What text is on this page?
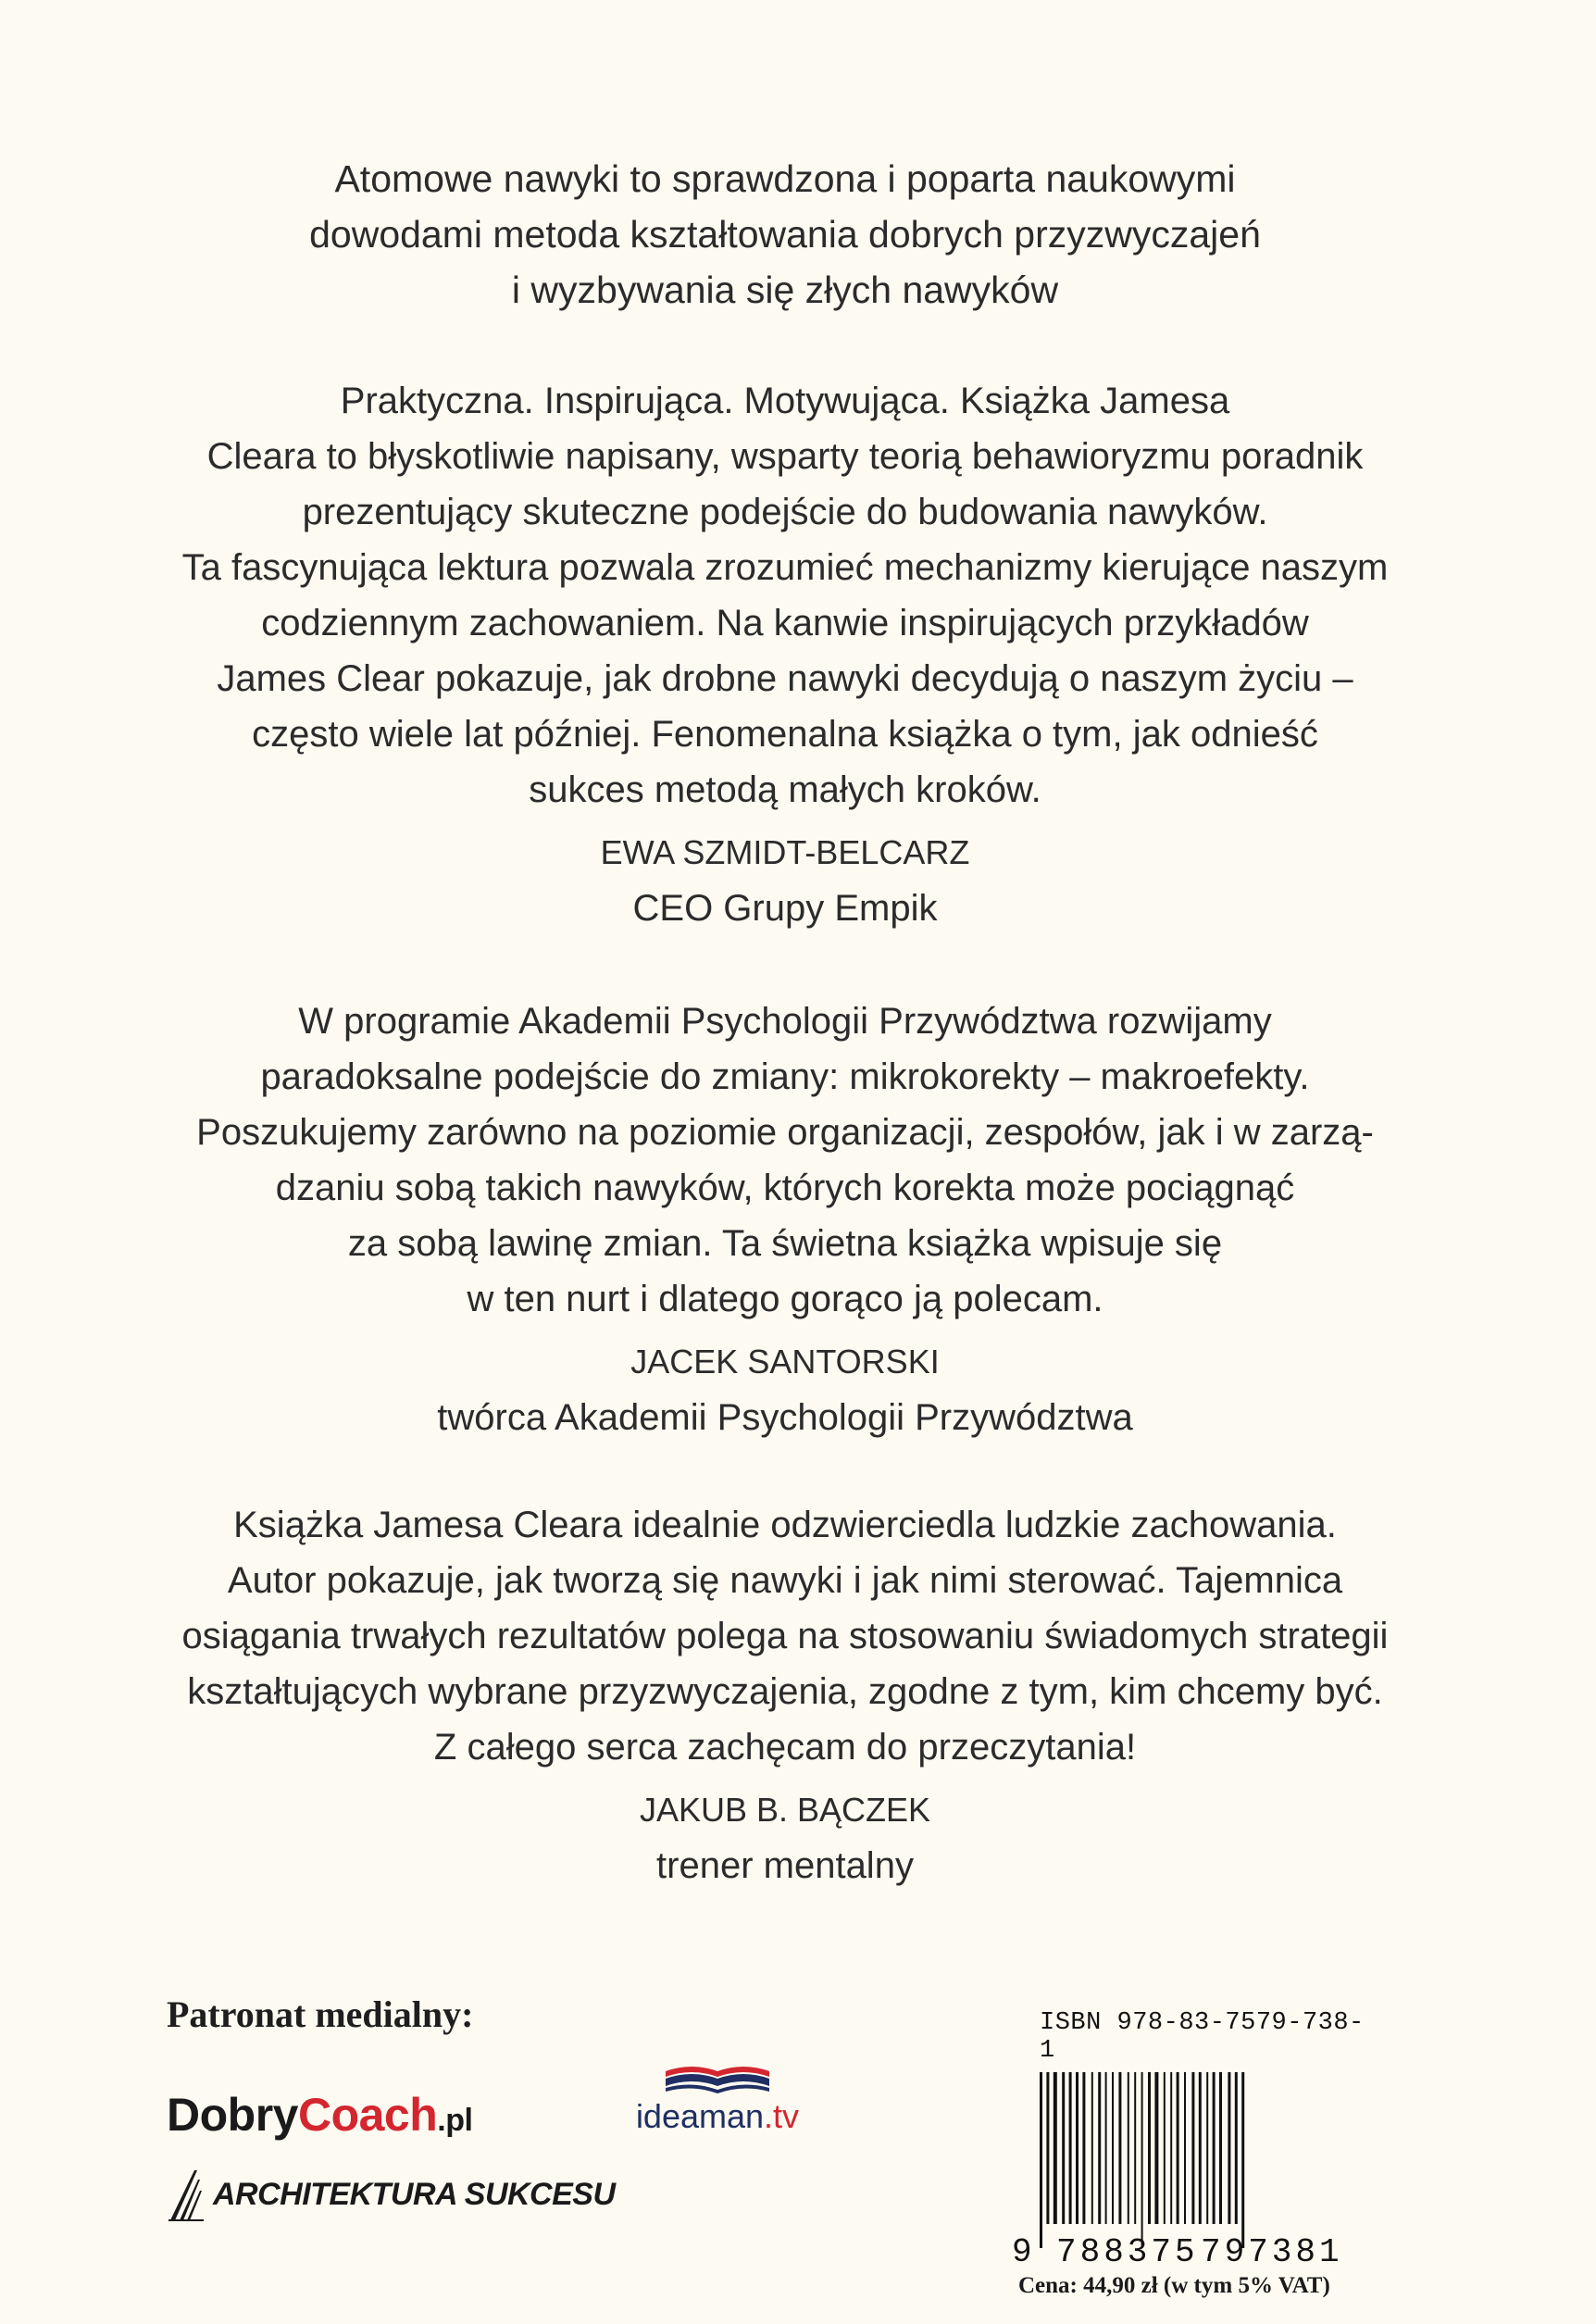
Atomowe nawyki to sprawdzona i poparta naukowymi

dowodami metoda kształtowania dobrych przyzwyczajeń

i wyzbywania się złych nawyków

Praktyczna. Inspirująca. Motywująca. Książka Jamesa

Cleara to błyskotliwie napisany, wsparty teorią behawioryzmu poradnik

prezentujący skuteczne podejście do budowania nawyków.

Ta fascynująca lektura pozwala zrozumieć mechanizmy kierujące naszym

codziennym zachowaniem. Na kanwie inspirujących przykładów

James Clear pokazuje, jak drobne nawyki decydują o naszym życiu –

często wiele lat później. Fenomenalna książka o tym, jak odnieść

sukces metodą małych kroków.

EWA SZMIDT-BELCARZ

CEO Grupy Empik

W programie Akademii Psychologii Przywództwa rozwijamy

paradoksalne podejście do zmiany: mikrokorekty – makroefekty.

Poszukujemy zarówno na poziomie organizacji, zespołów, jak i w zarzą-

dzaniu sobą takich nawyków, których korekta może pociągnąć

za sobą lawinę zmian. Ta świetna książka wpisuje się

w ten nurt i dlatego gorąco ją polecam.

JACEK SANTORSKI

twórca Akademii Psychologii Przywództwa

Książka Jamesa Cleara idealnie odzwierciedla ludzkie zachowania.

Autor pokazuje, jak tworzą się nawyki i jak nimi sterować. Tajemnica

osiągania trwałych rezultatów polega na stosowaniu świadomych strategii

kształtujących wybrane przyzwyczajenia, zgodne z tym, kim chcemy być.

Z całego serca zachęcam do przeczytania!

JAKUB B. BĄCZEK

trener mentalny

Patronat medialny:
DobryCoach.pl	ideaman.tv
ARCHITEKTURA SUKCESU
ISBN 978-83-7579-738-1
9 788375 797381
Cena: 44,90 zł (w tym 5% VAT)
